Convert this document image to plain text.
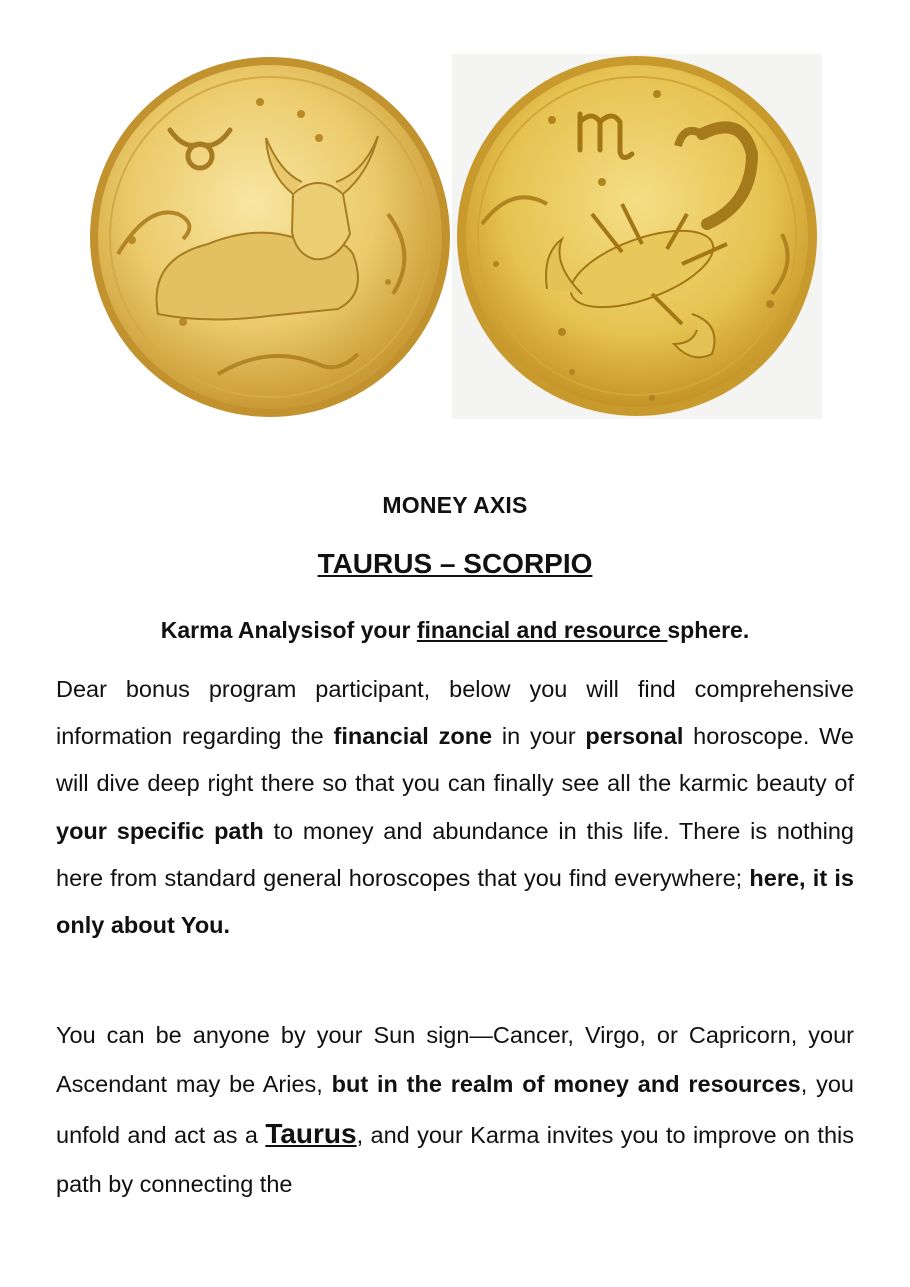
MONEY AXIS
TAURUS – SCORPIO
Karma Analysisof your financial and resource sphere.

Dear bonus program participant, below you will find comprehensive information regarding the financial zone in your personal horoscope. We will dive deep right there so that you can finally see all the karmic beauty of your specific path to money and abundance in this life. There is nothing here from standard general horoscopes that you find everywhere; here, it is only about You.

You can be anyone by your Sun sign—Cancer, Virgo, or Capricorn, your Ascendant may be Aries, but in the realm of money and resources, you unfold and act as a Taurus, and your Karma invites you to improve on this path by connecting the
